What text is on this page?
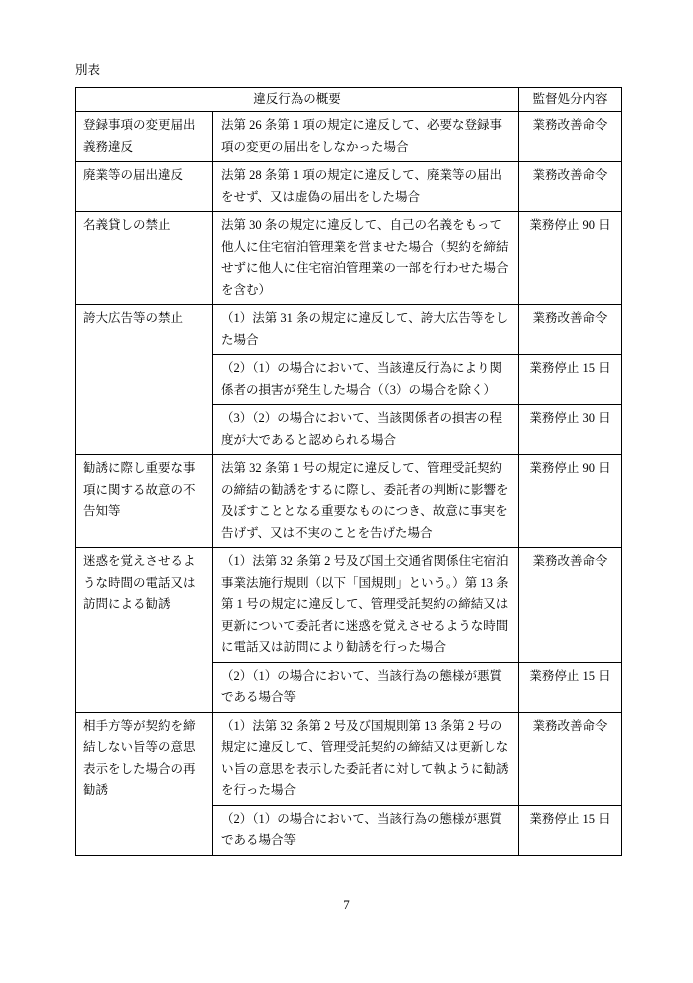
別表
違反行為の概要		監督処分内容
登録事項の変更届出義務違反	法第 26 条第 1 項の規定に違反して、必要な登録事項の変更の届出をしなかった場合	業務改善命令
廃業等の届出違反	法第 28 条第 1 項の規定に違反して、廃業等の届出をせず、又は虚偽の届出をした場合	業務改善命令
名義貸しの禁止	法第 30 条の規定に違反して、自己の名義をもって他人に住宅宿泊管理業を営ませた場合（契約を締結せずに他人に住宅宿泊管理業の一部を行わせた場合を含む）	業務停止 90 日
誇大広告等の禁止	（1）法第 31 条の規定に違反して、誇大広告等をした場合	業務改善命令
	（2）（1）の場合において、当該違反行為により関係者の損害が発生した場合（（3）の場合を除く）	業務停止 15 日
	（3）（2）の場合において、当該関係者の損害の程度が大であると認められる場合	業務停止 30 日
勧誘に際し重要な事項に関する故意の不告知等	法第 32 条第 1 号の規定に違反して、管理受託契約の締結の勧誘をするに際し、委託者の判断に影響を及ぼすこととなる重要なものにつき、故意に事実を告げず、又は不実のことを告げた場合	業務停止 90 日
迷惑を覚えさせるような時間の電話又は訪問による勧誘	（1）法第 32 条第 2 号及び国土交通省関係住宅宿泊事業法施行規則（以下「国規則」という。）第 13 条第 1 号の規定に違反して、管理受託契約の締結又は更新について委託者に迷惑を覚えさせるような時間に電話又は訪問により勧誘を行った場合	業務改善命令
	（2）（1）の場合において、当該行為の態様が悪質である場合等	業務停止 15 日
相手方等が契約を締結しない旨等の意思表示をした場合の再勧誘	（1）法第 32 条第 2 号及び国規則第 13 条第 2 号の規定に違反して、管理受託契約の締結又は更新しない旨の意思を表示した委託者に対して執ように勧誘を行った場合	業務改善命令
	（2）（1）の場合において、当該行為の態様が悪質である場合等	業務停止 15 日
7
